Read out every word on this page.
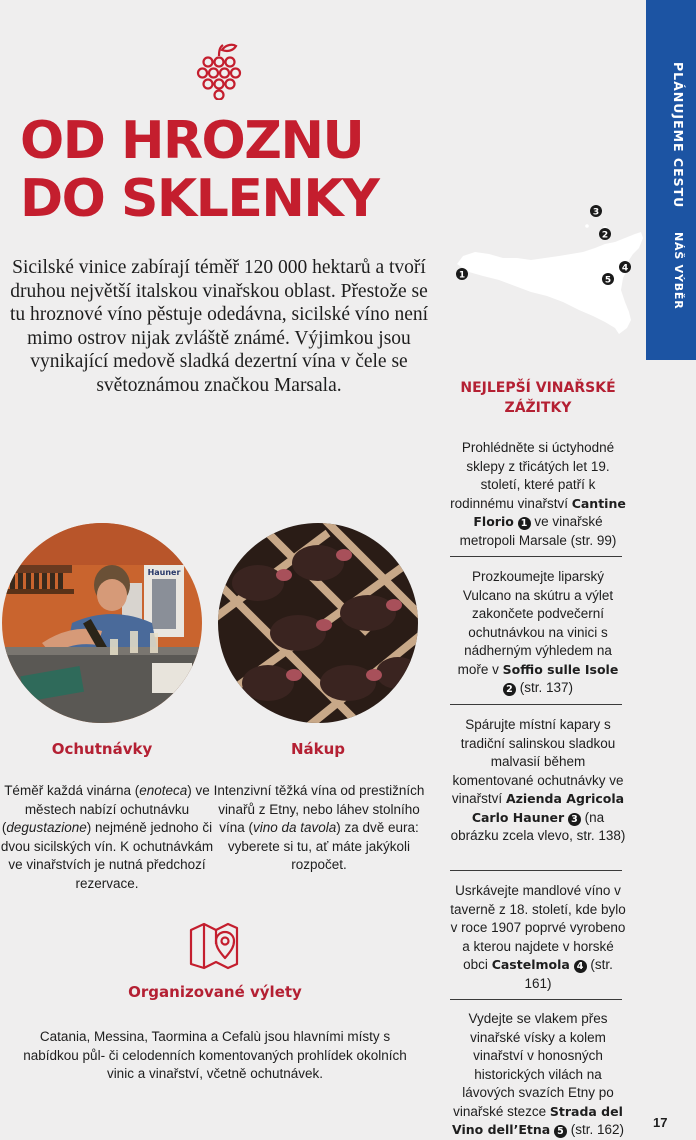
PLÁNUJEME CESTU NÁŠ VÝBĚR
17
OD HROZNU
DO SKLENKY
Sicilské vinice zabírají téměř 120 000 hektarů a tvoří druhou největší italskou vinařskou oblast. Přestože se tu hroznové víno pěstuje odedávna, sicilské víno není mimo ostrov nijak zvláště známé. Výjimkou jsou vynikající medově sladká dezertní vína v čele se světoznámou značkou Marsala.
1
2
3
4
5
Hauner
Ochutnávky
Téměř každá vinárna (enoteca) ve městech nabízí ochutnávku (degustazione) nejméně jednoho či dvou sicilských vín. K ochutnávkám ve vinařstvích je nutná předchozí rezervace.
Nákup
Intenzivní těžká vína od prestižních vinařů z Etny, nebo láhev stolního vína (vino da tavola) za dvě eura: vyberete si tu, ať máte jakýkoli rozpočet.
Organizované výlety
Catania, Messina, Taormina a Cefalù jsou hlavními místy s nabídkou půl- či celodenních komentovaných prohlídek okolních vinic a vinařství, včetně ochutnávek.
NEJLEPŠÍ VINAŘSKÉ ZÁŽITKY
Prohlédněte si úctyhodné sklepy z třicátých let 19. století, které patří k rodinnému vinařství Cantine Florio 1 ve vinařské metropoli Marsale (str. 99)
Prozkoumejte liparský Vulcano na skútru a výlet zakončete podvečerní ochutnávkou na vinici s nádherným výhledem na moře v Soffio sulle Isole 2 (str. 137)
Spárujte místní kapary s tradiční salinskou sladkou malvasií během komentované ochutnávky ve vinařství Azienda Agricola Carlo Hauner 3 (na obrázku zcela vlevo, str. 138)
Usrkávejte mandlové víno v taverně z 18. století, kde bylo v roce 1907 poprvé vyrobeno a kterou najdete v horské obci Castelmola 4 (str. 161)
Vydejte se vlakem přes vinařské vísky a kolem vinařství v honosných historických vilách na lávových svazích Etny po vinařské stezce Strada del Vino dell’Etna 5 (str. 162)
